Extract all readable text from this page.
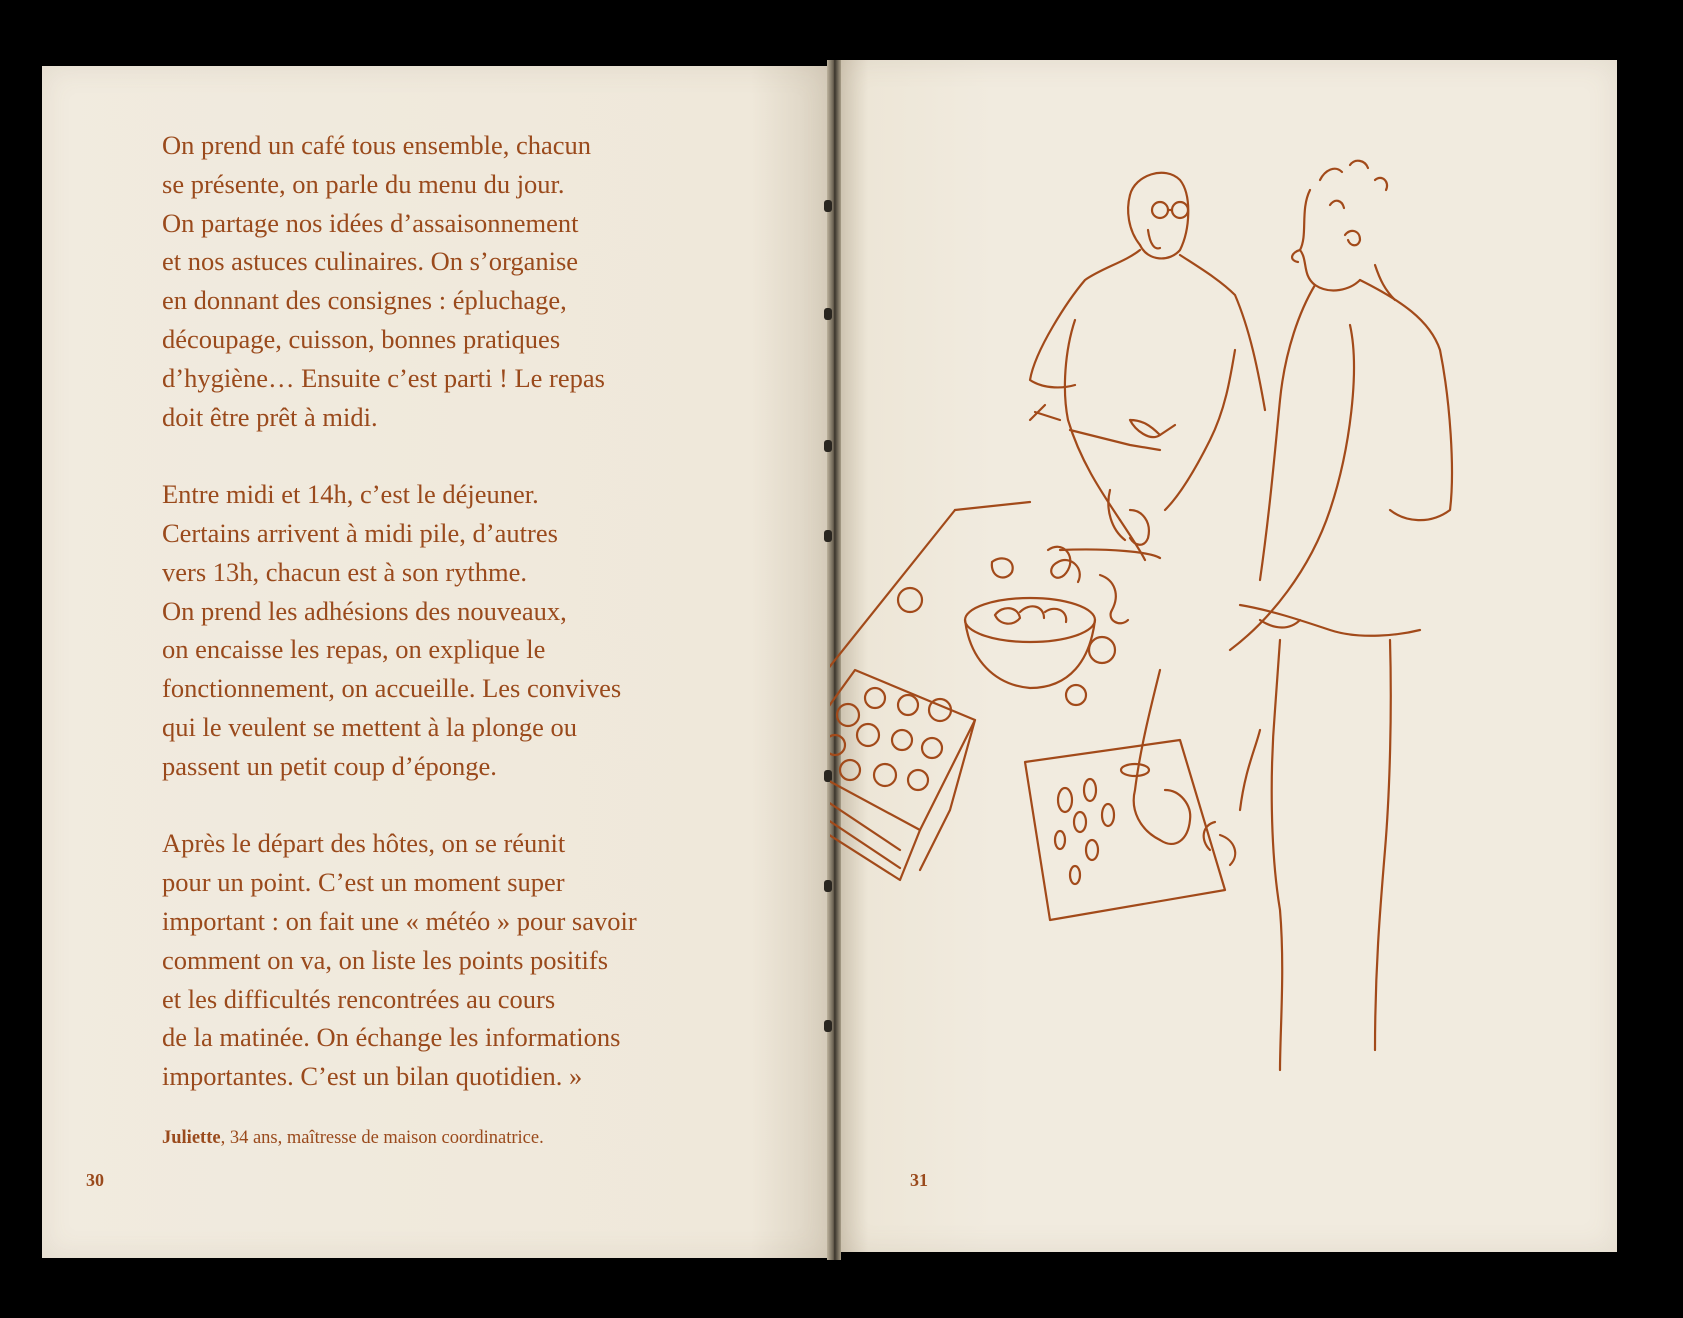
On prend un café tous ensemble, chacun
se présente, on parle du menu du jour.
On partage nos idées d’assaisonnement
et nos astuces culinaires. On s’organise
en donnant des consignes : épluchage,
découpage, cuisson, bonnes pratiques
d’hygiène… Ensuite c’est parti ! Le repas
doit être prêt à midi.

Entre midi et 14h, c’est le déjeuner.
Certains arrivent à midi pile, d’autres
vers 13h, chacun est à son rythme.
On prend les adhésions des nouveaux,
on encaisse les repas, on explique le
fonctionnement, on accueille. Les convives
qui le veulent se mettent à la plonge ou
passent un petit coup d’éponge.

Après le départ des hôtes, on se réunit
pour un point. C’est un moment super
important : on fait une « météo » pour savoir
comment on va, on liste les points positifs
et les difficultés rencontrées au cours
de la matinée. On échange les informations
importantes. C’est un bilan quotidien. »

Juliette, 34 ans, maîtresse de maison coordinatrice.
30	31
